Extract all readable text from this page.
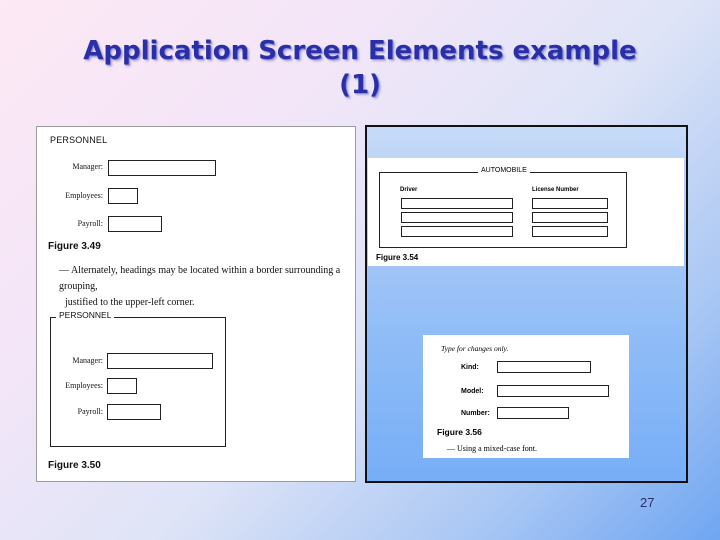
Application Screen Elements example
(1)
PERSONNEL
Manager:
Employees:
Payroll:
Figure 3.49
— Alternately, headings may be located within a border surrounding a grouping,
justified to the upper-left corner.
PERSONNEL
Manager:
Employees:
Payroll:
Figure 3.50
AUTOMOBILE
Driver	License Number
Figure 3.54
Type for changes only.
Kind:
Model:
Number:
Figure 3.56
— Using a mixed-case font.
27
